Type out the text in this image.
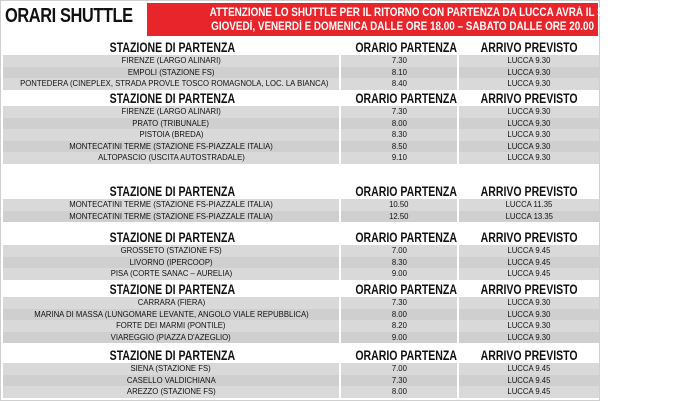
ORARI SHUTTLE	ATTENZIONE LO SHUTTLE PER IL RITORNO CON PARTENZA DA LUCCA AVRÀ IL SEGUENTE ORARIO:
GIOVEDÌ, VENERDÌ E DOMENICA DALLE ORE 18.00 – SABATO DALLE ORE 20.00
STAZIONE DI PARTENZA	ORARIO PARTENZA	ARRIVO PREVISTO
FIRENZE (LARGO ALINARI)	7.30	LUCCA 9.30
EMPOLI (STAZIONE FS)	8.10	LUCCA 9.30
PONTEDERA (CINEPLEX, STRADA PROVLE TOSCO ROMAGNOLA, LOC. LA BIANCA)	8.40	LUCCA 9.30
STAZIONE DI PARTENZA	ORARIO PARTENZA	ARRIVO PREVISTO
FIRENZE (LARGO ALINARI)	7.30	LUCCA 9.30
PRATO (TRIBUNALE)	8.00	LUCCA 9.30
PISTOIA (BREDA)	8.30	LUCCA 9.30
MONTECATINI TERME (STAZIONE FS-PIAZZALE ITALIA)	8.50	LUCCA 9.30
ALTOPASCIO (USCITA AUTOSTRADALE)	9.10	LUCCA 9.30
STAZIONE DI PARTENZA	ORARIO PARTENZA	ARRIVO PREVISTO
MONTECATINI TERME (STAZIONE FS-PIAZZALE ITALIA)	10.50	LUCCA 11.35
MONTECATINI TERME (STAZIONE FS-PIAZZALE ITALIA)	12.50	LUCCA 13.35
STAZIONE DI PARTENZA	ORARIO PARTENZA	ARRIVO PREVISTO
GROSSETO (STAZIONE FS)	7.00	LUCCA 9.45
LIVORNO (IPERCOOP)	8.30	LUCCA 9.45
PISA (CORTE SANAC – AURELIA)	9.00	LUCCA 9.45
STAZIONE DI PARTENZA	ORARIO PARTENZA	ARRIVO PREVISTO
CARRARA (FIERA)	7.30	LUCCA 9.30
MARINA DI MASSA (LUNGOMARE LEVANTE, ANGOLO VIALE REPUBBLICA)	8.00	LUCCA 9.30
FORTE DEI MARMI (PONTILE)	8.20	LUCCA 9.30
VIAREGGIO (PIAZZA D'AZEGLIO)	9.00	LUCCA 9.30
STAZIONE DI PARTENZA	ORARIO PARTENZA	ARRIVO PREVISTO
SIENA (STAZIONE FS)	7.00	LUCCA 9.45
CASELLO VALDICHIANA	7.30	LUCCA 9.45
AREZZO (STAZIONE FS)	8.00	LUCCA 9.45
